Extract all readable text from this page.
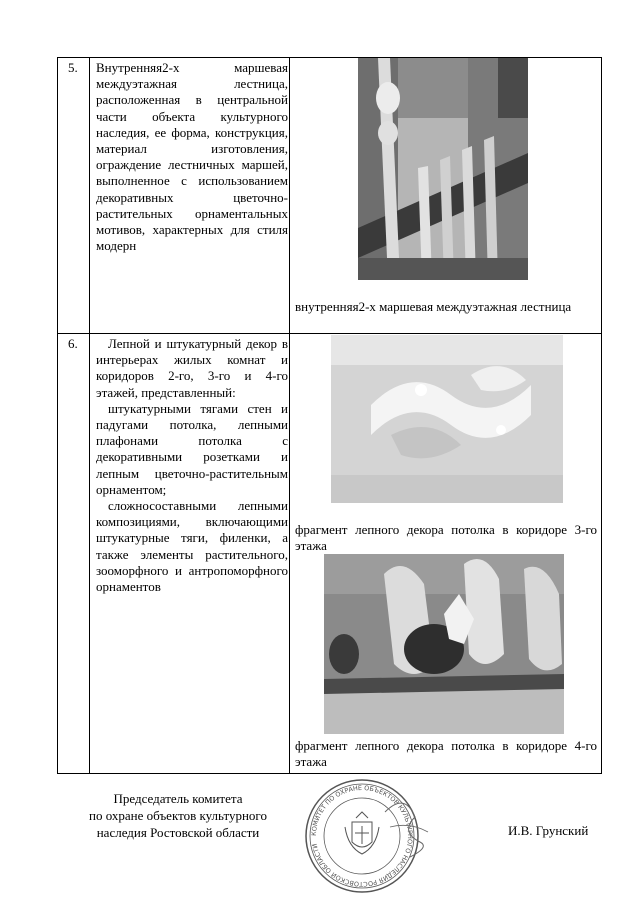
5. Внутренняя2-х маршевая междуэтажная лестница, расположенная в центральной части объекта культурного наследия, ее форма, конструкция, материал изготовления, ограждение лестничных маршей, выполненное с использованием декоративных цветочно-растительных орнаментальных мотивов, характерных для стиля модерн
внутренняя2-х маршевая междуэтажная лестница
6.	Лепной и штукатурный декор в интерьерах жилых комнат и коридоров 2-го, 3-го и 4-го этажей, представленный:

штукатурными тягами стен и падугами потолка, лепными плафонами потолка с декоративными розетками и лепным цветочно-растительным орнаментом;

сложносоставными лепными композициями, включающими штукатурные тяги, филенки, а также элементы растительного, зооморфного и антропоморфного орнаментов

фрагмент лепного декора потолка в коридоре 3-го этажа
фрагмент лепного декора потолка в коридоре 4-го этажа
Председатель комитета
по охране объектов культурного
наследия Ростовской области	КОМИТЕТ ПО ОХРАНЕ ОБЪЕКТОВ КУЛЬТУРНОГО НАСЛЕДИЯ РОСТОВСКОЙ ОБЛАСТИ
И.В. Грунский
